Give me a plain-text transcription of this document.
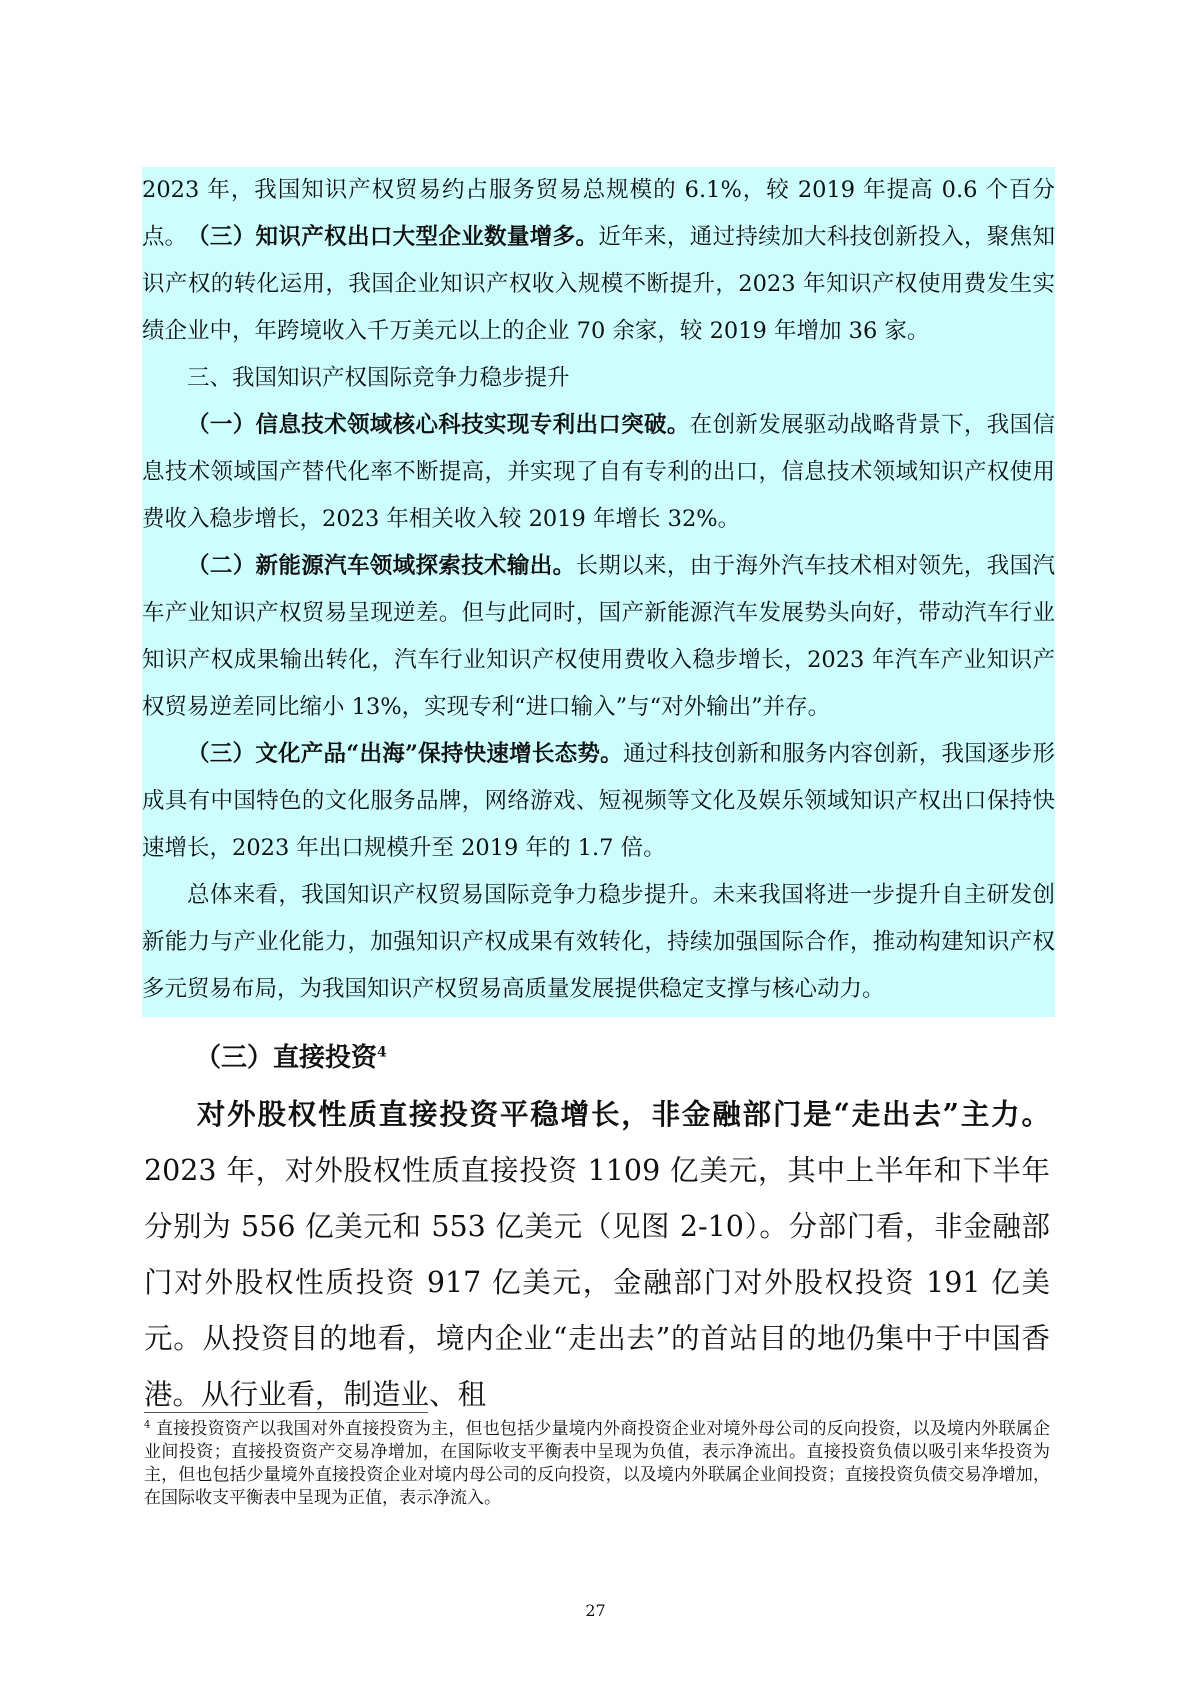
2023 年，我国知识产权贸易约占服务贸易总规模的 6.1%，较 2019 年提高 0.6 个百分点。 （三）知识产权出口大型企业数量增多。近年来，通过持续加大科技创新投入，聚焦知识产权的转化运用，我国企业知识产权收入规模不断提升，2023 年知识产权使用费发生实绩企业中，年跨境收入千万美元以上的企业 70 余家，较 2019 年增加 36 家。

三、我国知识产权国际竞争力稳步提升

（一）信息技术领域核心科技实现专利出口突破。在创新发展驱动战略背景下，我国信息技术领域国产替代化率不断提高，并实现了自有专利的出口，信息技术领域知识产权使用费收入稳步增长，2023 年相关收入较 2019 年增长 32%。

（二）新能源汽车领域探索技术输出。长期以来，由于海外汽车技术相对领先，我国汽车产业知识产权贸易呈现逆差。但与此同时，国产新能源汽车发展势头向好，带动汽车行业知识产权成果输出转化，汽车行业知识产权使用费收入稳步增长，2023 年汽车产业知识产权贸易逆差同比缩小 13%，实现专利“进口输入”与“对外输出”并存。

（三）文化产品“出海”保持快速增长态势。通过科技创新和服务内容创新，我国逐步形成具有中国特色的文化服务品牌，网络游戏、短视频等文化及娱乐领域知识产权出口保持快速增长，2023 年出口规模升至 2019 年的 1.7 倍。

总体来看，我国知识产权贸易国际竞争力稳步提升。未来我国将进一步提升自主研发创新能力与产业化能力，加强知识产权成果有效转化，持续加强国际合作，推动构建知识产权多元贸易布局，为我国知识产权贸易高质量发展提供稳定支撑与核心动力。

（三）直接投资$^4$

对外股权性质直接投资平稳增长，非金融部门是“走出去”主力。2023 年，对外股权性质直接投资 1109 亿美元，其中上半年和下半年分别为 556 亿美元和 553 亿美元（见图 2-10）。分部门看，非金融部门对外股权性质投资 917 亿美元，金融部门对外股权投资 191 亿美元。从投资目的地看，境内企业“走出去”的首站目的地仍集中于中国香港。从行业看，制造业、租

$^4$ 直接投资资产以我国对外直接投资为主，但也包括少量境内外商投资企业对境外母公司的反向投资，以及境内外联属企业间投资；直接投资资产交易净增加，在国际收支平衡表中呈现为负值，表示净流出。直接投资负债以吸引来华投资为主，但也包括少量境外直接投资企业对境内母公司的反向投资，以及境内外联属企业间投资；直接投资负债交易净增加，在国际收支平衡表中呈现为正值，表示净流入。

27
